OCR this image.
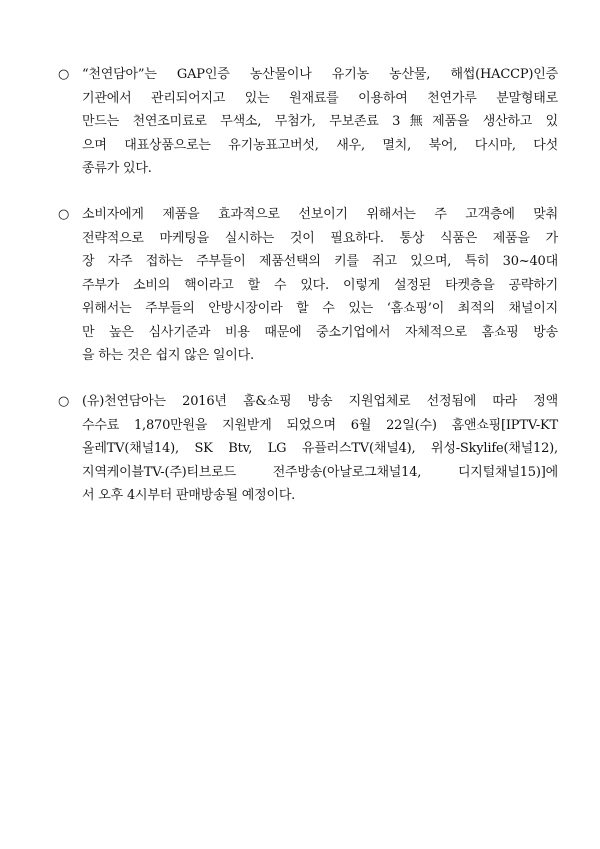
○ “천연담아”는 GAP인증 농산물이나 유기농 농산물, 해썹(HACCP)인증
기관에서 관리되어지고 있는 원재료를 이용하여 천연가루 분말형태로
만드는 천연조미료로 무색소, 무첨가, 무보존료 3無제품을 생산하고 있
으며 대표상품으로는 유기농표고버섯, 새우, 멸치, 북어, 다시마, 다섯
종류가 있다.
○ 소비자에게 제품을 효과적으로 선보이기 위해서는 주 고객층에 맞춰
전략적으로 마케팅을 실시하는 것이 필요하다. 통상 식품은 제품을 가
장 자주 접하는 주부들이 제품선택의 키를 쥐고 있으며, 특히 30~40대
주부가 소비의 핵이라고 할 수 있다. 이렇게 설정된 타켓층을 공략하기
위해서는 주부들의 안방시장이라 할 수 있는 ‘홈쇼핑’이 최적의 채널이지
만 높은 심사기준과 비용 때문에 중소기업에서 자체적으로 홈쇼핑 방송
을 하는 것은 쉽지 않은 일이다.
○ (유)천연담아는 2016년 홈&쇼핑 방송 지원업체로 선정됨에 따라 정액
수수료 1,870만원을 지원받게 되었으며 6월 22일(수) 홈앤쇼핑[IPTV-KT
올레TV(채널14), SK Btv, LG 유플러스TV(채널4), 위성-Skylife(채널12),
지역케이블TV-(주)티브로드 전주방송(아날로그채널14, 디지털채널15)]에
서 오후 4시부터 판매방송될 예정이다.
